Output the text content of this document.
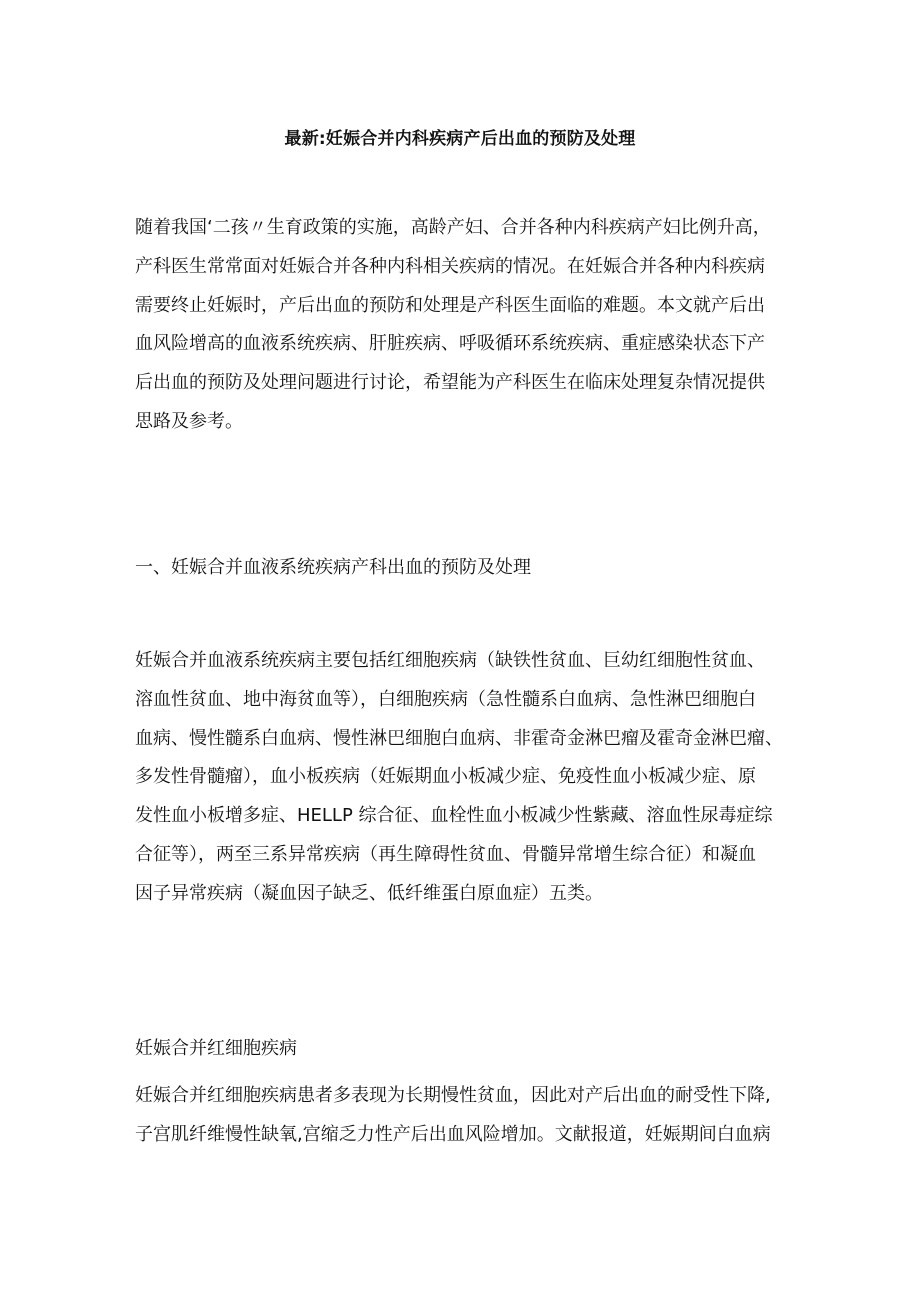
最新:妊娠合并内科疾病产后出血的预防及处理
随着我国‘二孩〃生育政策的实施，高龄产妇、合并各种内科疾病产妇比例升高，
产科医生常常面对妊娠合并各种内科相关疾病的情况。在妊娠合并各种内科疾病
需要终止妊娠时，产后出血的预防和处理是产科医生面临的难题。本文就产后出
血风险增高的血液系统疾病、肝脏疾病、呼吸循环系统疾病、重症感染状态下产
后出血的预防及处理问题进行讨论，希望能为产科医生在临床处理复杂情况提供
思路及参考。
一、妊娠合并血液系统疾病产科出血的预防及处理
妊娠合并血液系统疾病主要包括红细胞疾病（缺铁性贫血、巨幼红细胞性贫血、
溶血性贫血、地中海贫血等），白细胞疾病（急性髓系白血病、急性淋巴细胞白
血病、慢性髓系白血病、慢性淋巴细胞白血病、非霍奇金淋巴瘤及霍奇金淋巴瘤、
多发性骨髓瘤），血小板疾病（妊娠期血小板减少症、免疫性血小板减少症、原
发性血小板增多症、HELLP 综合征、血栓性血小板减少性紫藏、溶血性尿毒症综
合征等），两至三系异常疾病（再生障碍性贫血、骨髓异常增生综合征）和凝血
因子异常疾病（凝血因子缺乏、低纤维蛋白原血症）五类。
妊娠合并红细胞疾病
妊娠合并红细胞疾病患者多表现为长期慢性贫血，因此对产后出血的耐受性下降,
子宫肌纤维慢性缺氧,宫缩乏力性产后出血风险增加。文献报道，妊娠期间白血病
